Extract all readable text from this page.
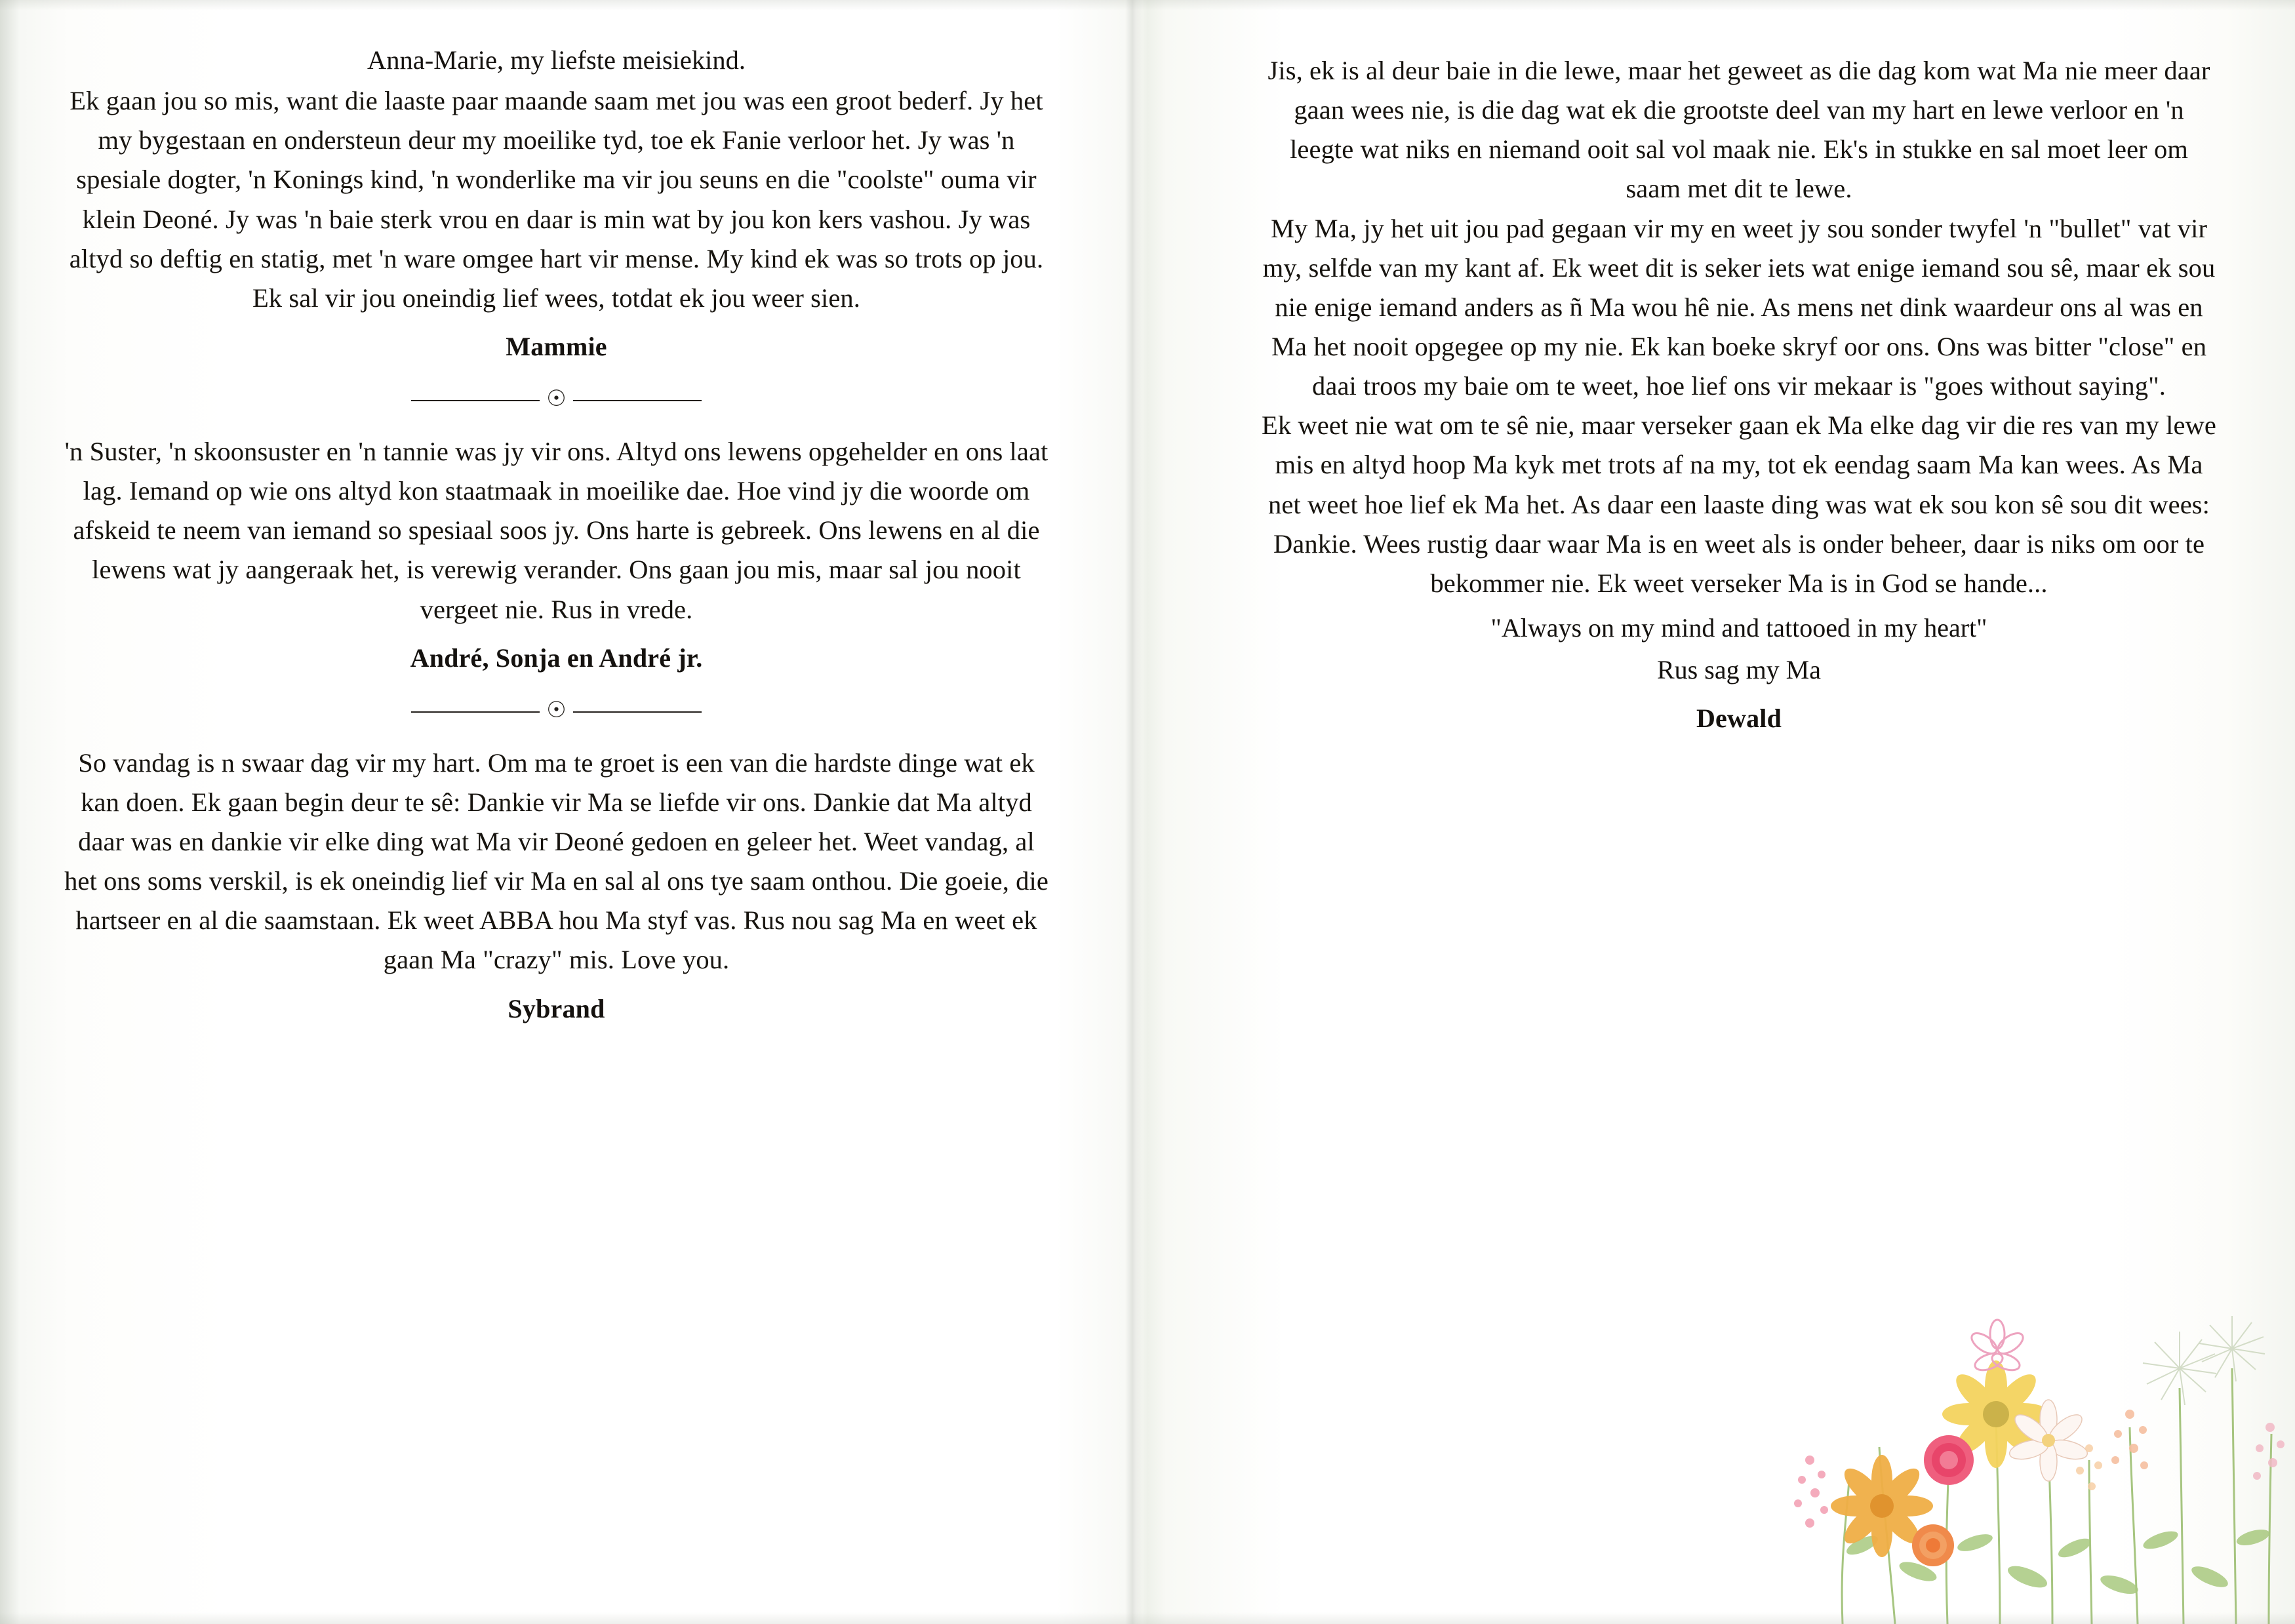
Anna-Marie, my liefste meisiekind.

Ek gaan jou so mis, want die laaste paar maande saam met jou was een groot bederf. Jy het my bygestaan en ondersteun deur my moeilike tyd, toe ek Fanie verloor het. Jy was 'n spesiale dogter, 'n Konings kind, 'n wonderlike ma vir jou seuns en die "coolste" ouma vir klein Deoné. Jy was 'n baie sterk vrou en daar is min wat by jou kon kers vashou. Jy was altyd so deftig en statig, met 'n ware omgee hart vir mense. My kind ek was so trots op jou. Ek sal vir jou oneindig lief wees, totdat ek jou weer sien.

Mammie

☉

'n Suster, 'n skoonsuster en 'n tannie was jy vir ons. Altyd ons lewens opgehelder en ons laat lag. Iemand op wie ons altyd kon staatmaak in moeilike dae. Hoe vind jy die woorde om afskeid te neem van iemand so spesiaal soos jy. Ons harte is gebreek. Ons lewens en al die lewens wat jy aangeraak het, is verewig verander. Ons gaan jou mis, maar sal jou nooit vergeet nie. Rus in vrede.

André, Sonja en André jr.

☉

So vandag is n swaar dag vir my hart. Om ma te groet is een van die hardste dinge wat ek kan doen. Ek gaan begin deur te sê: Dankie vir Ma se liefde vir ons. Dankie dat Ma altyd daar was en dankie vir elke ding wat Ma vir Deoné gedoen en geleer het. Weet vandag, al het ons soms verskil, is ek oneindig lief vir Ma en sal al ons tye saam onthou. Die goeie, die hartseer en al die saamstaan. Ek weet ABBA hou Ma styf vas. Rus nou sag Ma en weet ek gaan Ma "crazy" mis. Love you.

Sybrand

Jis, ek is al deur baie in die lewe, maar het geweet as die dag kom wat Ma nie meer daar gaan wees nie, is die dag wat ek die grootste deel van my hart en lewe verloor en 'n leegte wat niks en niemand ooit sal vol maak nie. Ek's in stukke en sal moet leer om saam met dit te lewe.

My Ma, jy het uit jou pad gegaan vir my en weet jy sou sonder twyfel 'n "bullet" vat vir my, selfde van my kant af. Ek weet dit is seker iets wat enige iemand sou sê, maar ek sou nie enige iemand anders as ñ Ma wou hê nie. As mens net dink waardeur ons al was en Ma het nooit opgegee op my nie. Ek kan boeke skryf oor ons. Ons was bitter "close" en daai troos my baie om te weet, hoe lief ons vir mekaar is "goes without saying".

Ek weet nie wat om te sê nie, maar verseker gaan ek Ma elke dag vir die res van my lewe mis en altyd hoop Ma kyk met trots af na my, tot ek eendag saam Ma kan wees. As Ma net weet hoe lief ek Ma het. As daar een laaste ding was wat ek sou kon sê sou dit wees: Dankie. Wees rustig daar waar Ma is en weet als is onder beheer, daar is niks om oor te bekommer nie. Ek weet verseker Ma is in God se hande...

"Always on my mind and tattooed in my heart"

Rus sag my Ma

Dewald
